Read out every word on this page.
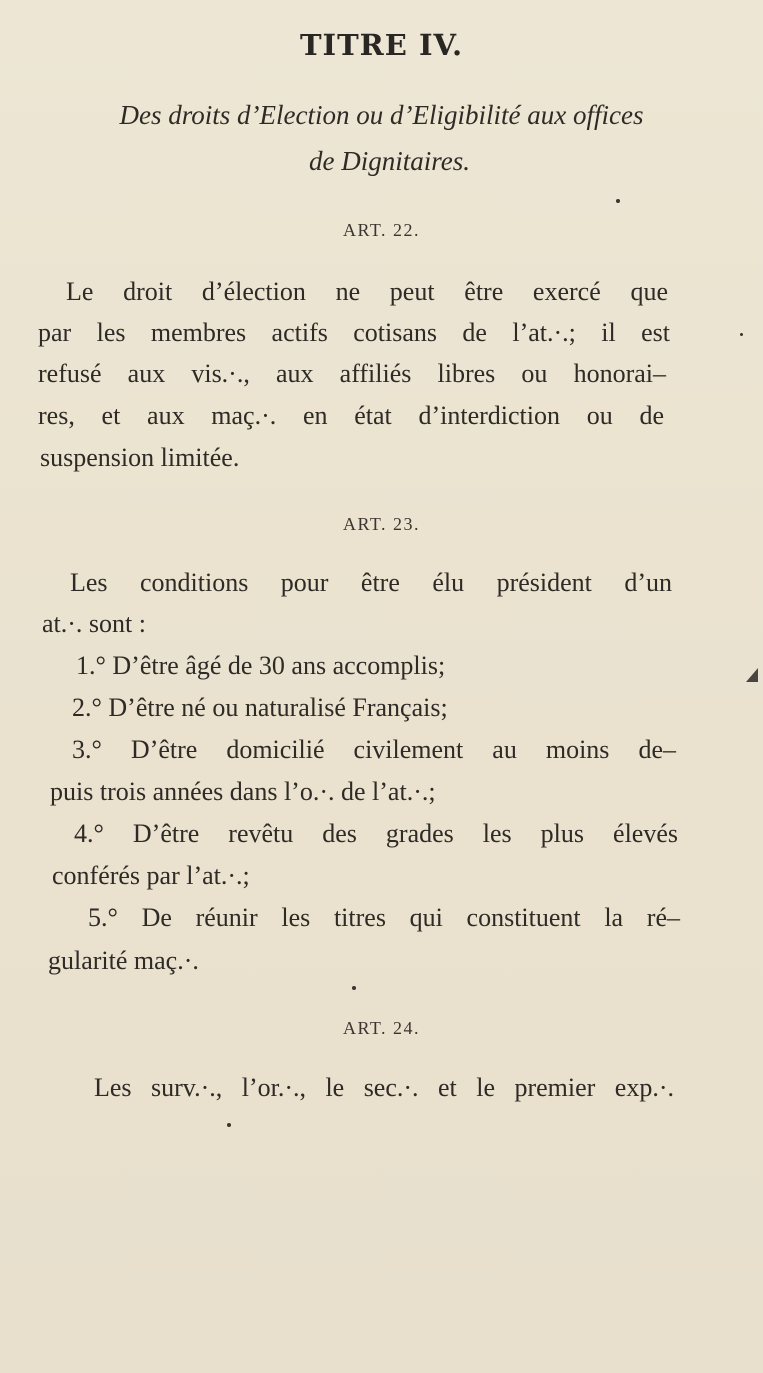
TITRE IV.
Des droits d’Election ou d’Eligibilité aux offices
de Dignitaires.
ART. 22.
Le droit d’élection ne peut être exercé que
par les membres actifs cotisans de l’at.·.; il est
refusé aux vis.·., aux affiliés libres ou honorai–
res, et aux maç.·. en état d’interdiction ou de
suspension limitée.
ART. 23.
Les conditions pour être élu président d’un
at.·. sont :
1.° D’être âgé de 30 ans accomplis;
2.° D’être né ou naturalisé Français;
3.° D’être domicilié civilement au moins de–
puis trois années dans l’o.·. de l’at.·.;
4.° D’être revêtu des grades les plus élevés
conférés par l’at.·.;
5.° De réunir les titres qui constituent la ré–
gularité maç.·.
ART. 24.
Les surv.·., l’or.·., le sec.·. et le premier exp.·.
